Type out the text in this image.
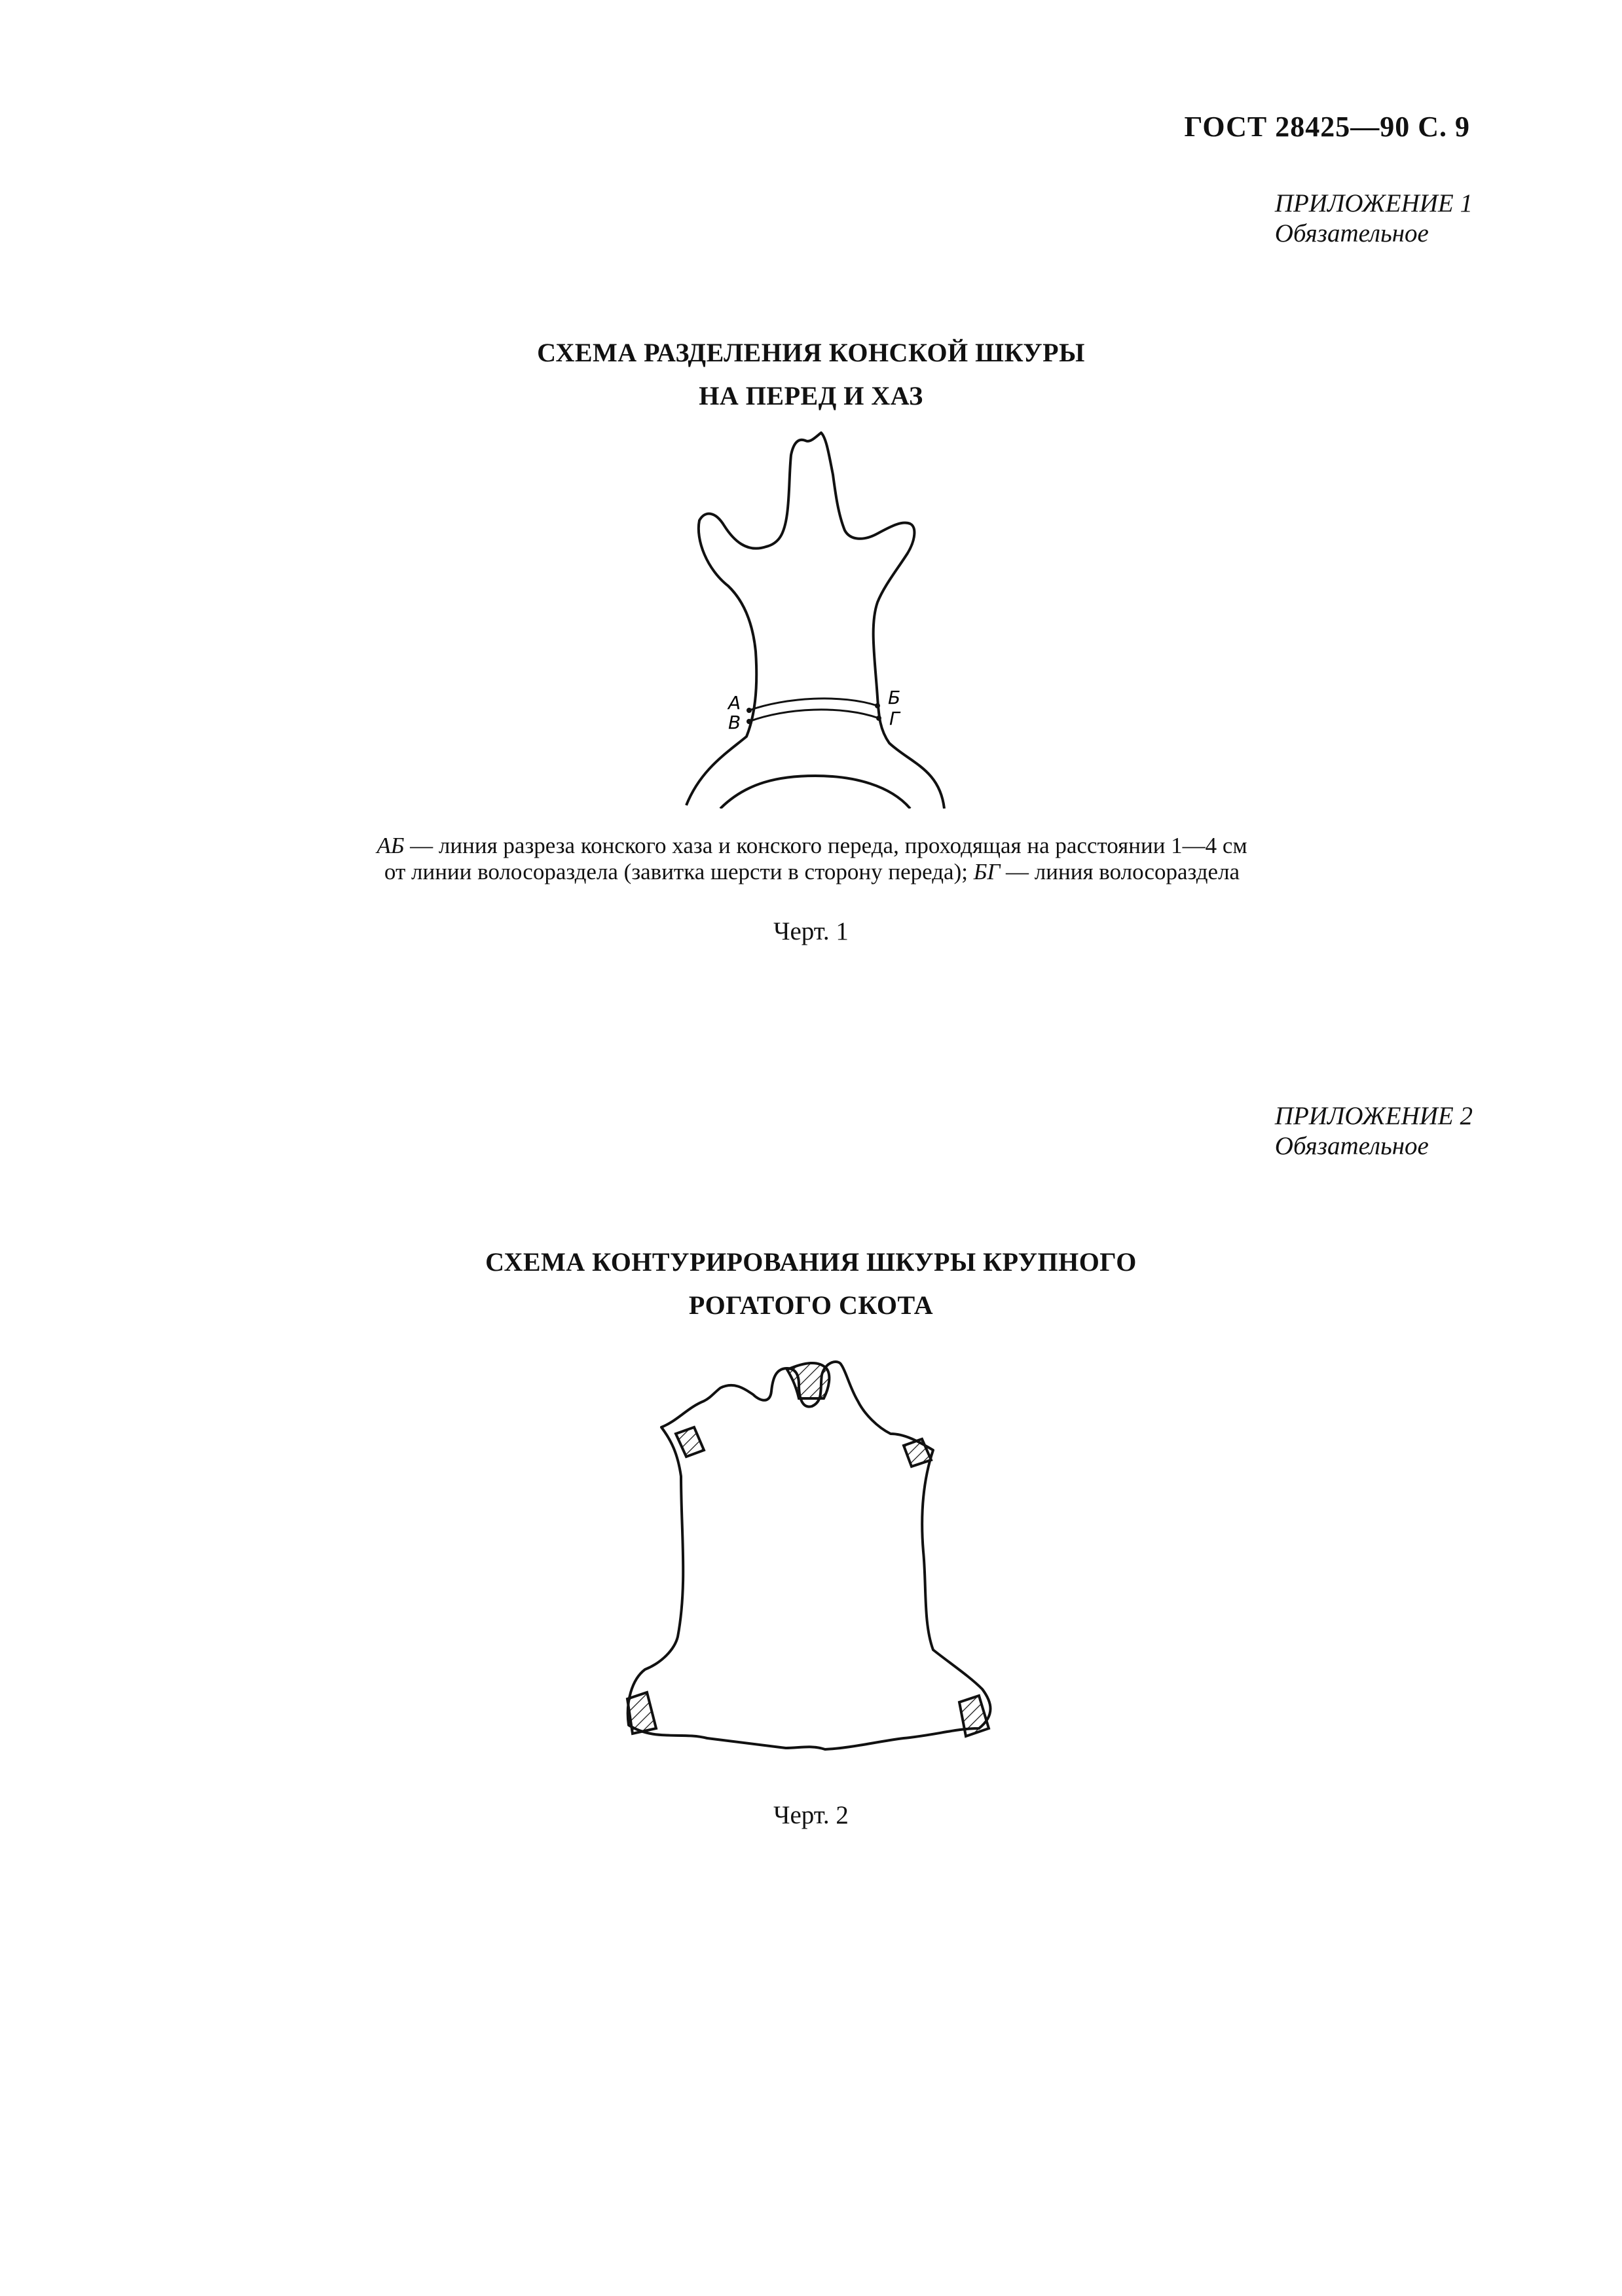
ГОСТ 28425—90 С. 9
ПРИЛОЖЕНИЕ 1
Обязательное
СХЕМА РАЗДЕЛЕНИЯ КОНСКОЙ ШКУРЫ
НА ПЕРЕД И ХАЗ
А
В
Б
Г
АБ — линия разреза конского хаза и конского переда, проходящая на расстоянии 1—4 см
от линии волосораздела (завитка шерсти в сторону переда); БГ — линия волосораздела
Черт. 1
ПРИЛОЖЕНИЕ 2
Обязательное
СХЕМА КОНТУРИРОВАНИЯ ШКУРЫ КРУПНОГО
РОГАТОГО СКОТА
Черт. 2
